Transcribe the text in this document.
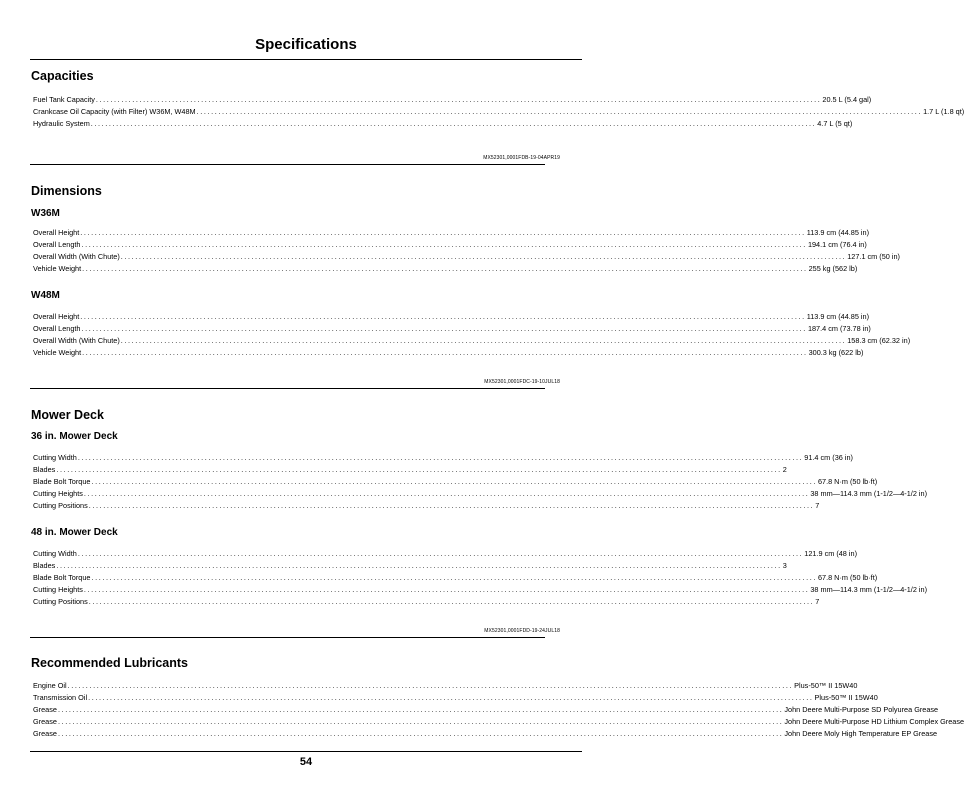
Specifications
Capacities
Fuel Tank Capacity ........................................................................................................................................................................................................ 20.5 L (5.4 gal)
Crankcase Oil Capacity (with Filter) W36M, W48M ........................................................................................................................................................................................................ 1.7 L (1.8 qt)
Hydraulic System ........................................................................................................................................................................................................ 4.7 L (5 qt)
MX52301,0001FDB-19-04APR19
Dimensions
W36M
Overall Height ........................................................................................................................................................................................................ 113.9 cm (44.85 in)
Overall Length ........................................................................................................................................................................................................ 194.1 cm (76.4 in)
Overall Width (With Chute) ........................................................................................................................................................................................................ 127.1 cm (50 in)
Vehicle Weight ........................................................................................................................................................................................................ 255 kg (562 lb)
W48M
Overall Height ........................................................................................................................................................................................................ 113.9 cm (44.85 in)
Overall Length ........................................................................................................................................................................................................ 187.4 cm (73.78 in)
Overall Width (With Chute) ........................................................................................................................................................................................................ 158.3 cm (62.32 in)
Vehicle Weight ........................................................................................................................................................................................................ 300.3 kg (622 lb)
MX52301,0001FDC-19-10JUL18
Mower Deck
36 in. Mower Deck
Cutting Width ........................................................................................................................................................................................................ 91.4 cm (36 in)
Blades ........................................................................................................................................................................................................ 2
Blade Bolt Torque ........................................................................................................................................................................................................ 67.8 N·m (50 lb·ft)
Cutting Heights ........................................................................................................................................................................................................ 38 mm—114.3 mm (1-1/2—4-1/2 in)
Cutting Positions ........................................................................................................................................................................................................ 7
48 in. Mower Deck
Cutting Width ........................................................................................................................................................................................................ 121.9 cm (48 in)
Blades ........................................................................................................................................................................................................ 3
Blade Bolt Torque ........................................................................................................................................................................................................ 67.8 N·m (50 lb·ft)
Cutting Heights ........................................................................................................................................................................................................ 38 mm—114.3 mm (1-1/2—4-1/2 in)
Cutting Positions ........................................................................................................................................................................................................ 7
MX52301,0001FDD-19-24JUL18
Recommended Lubricants
Engine Oil ........................................................................................................................................................................................................ Plus-50™ II 15W40
Transmission Oil ........................................................................................................................................................................................................ Plus-50™ II 15W40
Grease ........................................................................................................................................................................................................ John Deere Multi-Purpose SD Polyurea Grease
Grease ........................................................................................................................................................................................................ John Deere Multi-Purpose HD Lithium Complex Grease
Grease ........................................................................................................................................................................................................ John Deere Moly High Temperature EP Grease
54
